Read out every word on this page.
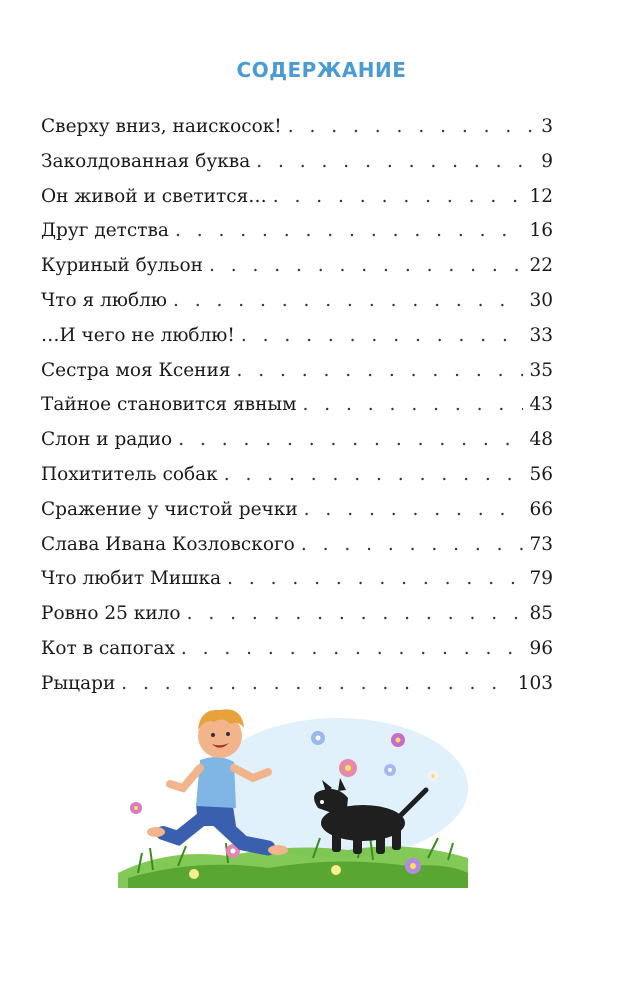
СОДЕРЖАНИЕ
Сверху вниз, наискосок! . . .	3
Заколдованная буква . . .	9
Он живой и светится… . . .	12
Друг детства . . .	16
Куриный бульон . . .	22
Что я люблю . . .	30
…И чего не люблю! . . .	33
Сестра моя Ксения . . .	35
Тайное становится явным . . .	43
Слон и радио . . .	48
Похититель собак . . .	56
Сражение у чистой речки . . .	66
Слава Ивана Козловского . . .	73
Что любит Мишка . . .	79
Ровно 25 кило . . .	85
Кот в сапогах . . .	96
Рыцари . . .	103
